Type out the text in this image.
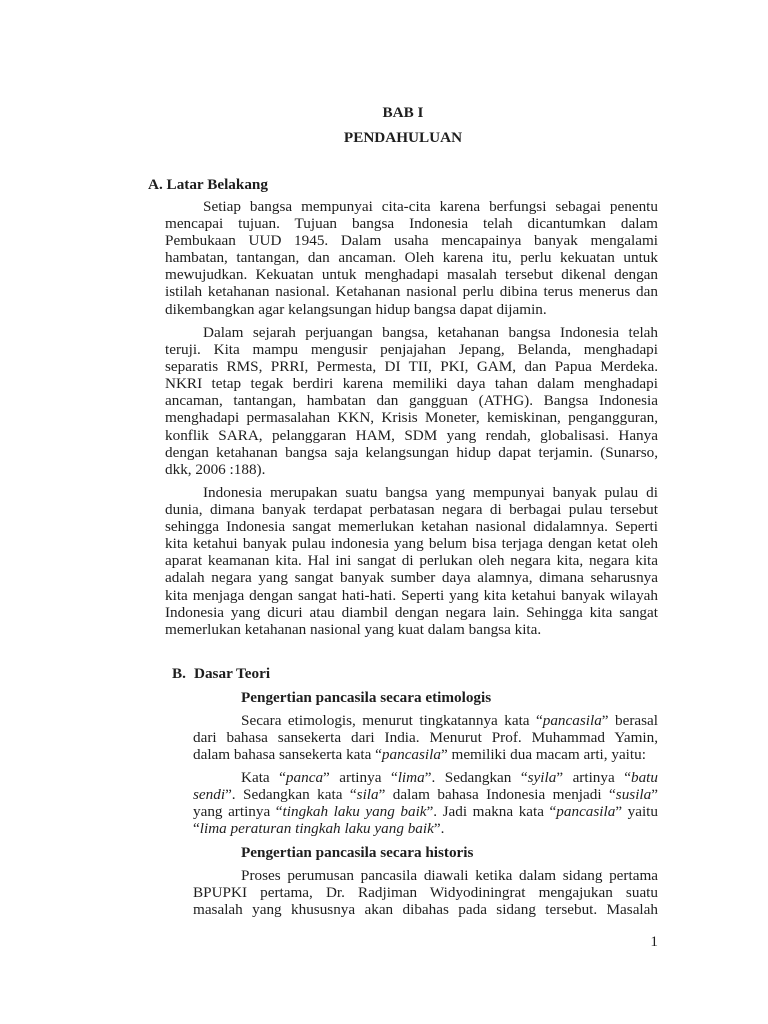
BAB I
PENDAHULUAN
A. Latar Belakang
Setiap bangsa mempunyai cita-cita karena berfungsi sebagai penentu
mencapai tujuan. Tujuan bangsa Indonesia telah dicantumkan dalam
Pembukaan UUD 1945. Dalam usaha mencapainya banyak mengalami
hambatan, tantangan, dan ancaman. Oleh karena itu, perlu kekuatan untuk
mewujudkan. Kekuatan untuk menghadapi masalah tersebut dikenal dengan
istilah ketahanan nasional. Ketahanan nasional perlu dibina terus menerus dan
dikembangkan agar kelangsungan hidup bangsa dapat dijamin.
Dalam sejarah perjuangan bangsa, ketahanan bangsa Indonesia telah
teruji. Kita mampu mengusir penjajahan Jepang, Belanda, menghadapi
separatis RMS, PRRI, Permesta, DI TII, PKI, GAM, dan Papua Merdeka.
NKRI tetap tegak berdiri karena memiliki daya tahan dalam menghadapi
ancaman, tantangan, hambatan dan gangguan (ATHG). Bangsa Indonesia
menghadapi permasalahan KKN, Krisis Moneter, kemiskinan, pengangguran,
konflik SARA, pelanggaran HAM, SDM yang rendah, globalisasi. Hanya
dengan ketahanan bangsa saja kelangsungan hidup dapat terjamin. (Sunarso,
dkk, 2006 :188).
Indonesia merupakan suatu bangsa yang mempunyai banyak pulau di
dunia, dimana banyak terdapat perbatasan negara di berbagai pulau tersebut
sehingga Indonesia sangat memerlukan ketahan nasional didalamnya. Seperti
kita ketahui banyak pulau indonesia yang belum bisa terjaga dengan ketat oleh
aparat keamanan kita. Hal ini sangat di perlukan oleh negara kita, negara kita
adalah negara yang sangat banyak sumber daya alamnya, dimana seharusnya
kita menjaga dengan sangat hati-hati. Seperti yang kita ketahui banyak wilayah
Indonesia yang dicuri atau diambil dengan negara lain. Sehingga kita sangat
memerlukan ketahanan nasional yang kuat dalam bangsa kita.
B. Dasar Teori
Pengertian pancasila secara etimologis
Secara etimologis, menurut tingkatannya kata “pancasila” berasal
dari bahasa sansekerta dari India. Menurut Prof. Muhammad Yamin,
dalam bahasa sansekerta kata “pancasila” memiliki dua macam arti, yaitu:
Kata “panca” artinya “lima”. Sedangkan “syila” artinya “batu
sendi”. Sedangkan kata “sila” dalam bahasa Indonesia menjadi “susila”
yang artinya “tingkah laku yang baik”. Jadi makna kata “pancasila” yaitu
“lima peraturan tingkah laku yang baik”.
Pengertian pancasila secara historis
Proses perumusan pancasila diawali ketika dalam sidang pertama
BPUPKI pertama, Dr. Radjiman Widyodiningrat mengajukan suatu
masalah yang khususnya akan dibahas pada sidang tersebut. Masalah
1
